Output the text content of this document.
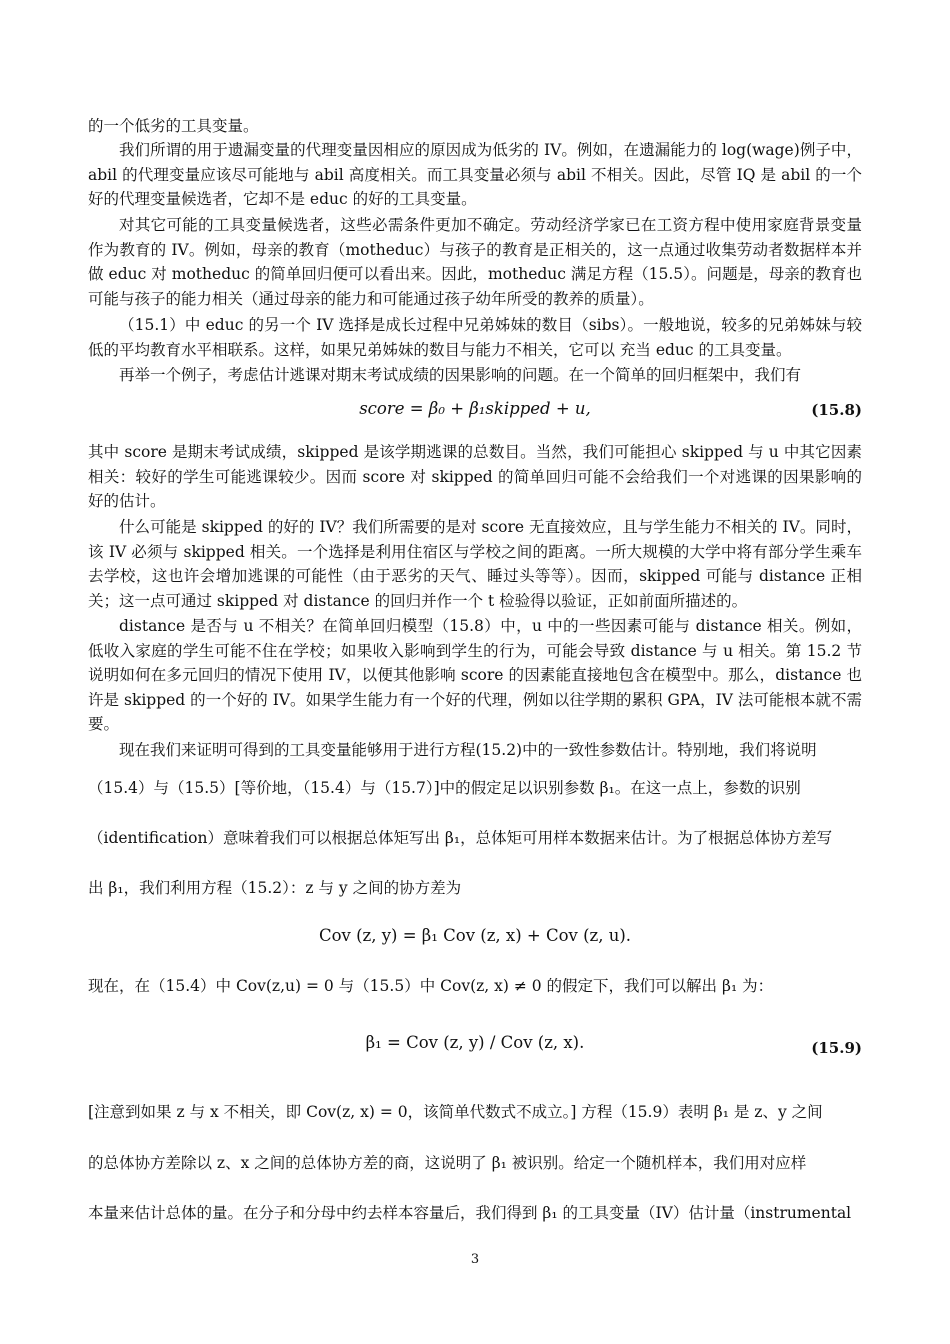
的一个低劣的工具变量。

我们所谓的用于遗漏变量的代理变量因相应的原因成为低劣的 IV。例如，在遗漏能力的 log(wage)例子中，abil 的代理变量应该尽可能地与 abil 高度相关。而工具变量必须与 abil 不相关。因此，尽管 IQ 是 abil 的一个好的代理变量候选者，它却不是 educ 的好的工具变量。

对其它可能的工具变量候选者，这些必需条件更加不确定。劳动经济学家已在工资方程中使用家庭背景变量作为教育的 IV。例如，母亲的教育（motheduc）与孩子的教育是正相关的，这一点通过收集劳动者数据样本并做 educ 对 motheduc 的简单回归便可以看出来。因此，motheduc 满足方程（15.5）。问题是，母亲的教育也可能与孩子的能力相关（通过母亲的能力和可能通过孩子幼年所受的教养的质量）。

（15.1）中 educ 的另一个 IV 选择是成长过程中兄弟姊妹的数目（sibs）。一般地说，较多的兄弟姊妹与较低的平均教育水平相联系。这样，如果兄弟姊妹的数目与能力不相关，它可以 充当 educ 的工具变量。

再举一个例子，考虑估计逃课对期末考试成绩的因果影响的问题。在一个简单的回归框架中，我们有

score = β₀ + β₁skipped + u,	(15.8)

其中 score 是期末考试成绩，skipped 是该学期逃课的总数目。当然，我们可能担心 skipped 与 u 中其它因素相关：较好的学生可能逃课较少。因而 score 对 skipped 的简单回归可能不会给我们一个对逃课的因果影响的好的估计。

什么可能是 skipped 的好的 IV？我们所需要的是对 score 无直接效应，且与学生能力不相关的 IV。同时，该 IV 必须与 skipped 相关。一个选择是利用住宿区与学校之间的距离。一所大规模的大学中将有部分学生乘车去学校，这也许会增加逃课的可能性（由于恶劣的天气、睡过头等等）。因而，skipped 可能与 distance 正相关；这一点可通过 skipped 对 distance 的回归并作一个 t 检验得以验证，正如前面所描述的。

distance 是否与 u 不相关？在简单回归模型（15.8）中，u 中的一些因素可能与 distance 相关。例如，低收入家庭的学生可能不住在学校；如果收入影响到学生的行为，可能会导致 distance 与 u 相关。第 15.2 节说明如何在多元回归的情况下使用 IV，以便其他影响 score 的因素能直接地包含在模型中。那么，distance 也许是 skipped 的一个好的 IV。如果学生能力有一个好的代理，例如以往学期的累积 GPA，IV 法可能根本就不需要。

现在我们来证明可得到的工具变量能够用于进行方程(15.2)中的一致性参数估计。特别地，我们将说明

（15.4）与（15.5）[等价地，（15.4）与（15.7）]中的假定足以识别参数 β₁。在这一点上，参数的识别

（identification）意味着我们可以根据总体矩写出 β₁，总体矩可用样本数据来估计。为了根据总体协方差写

出 β₁，我们利用方程（15.2）：z 与 y 之间的协方差为

Cov (z, y) = β₁ Cov (z, x) + Cov (z, u).

现在，在（15.4）中 Cov(z,u) = 0 与（15.5）中 Cov(z, x) ≠ 0 的假定下，我们可以解出 β₁ 为：

β₁ = Cov (z, y) / Cov (z, x).	(15.9)

[注意到如果 z 与 x 不相关，即 Cov(z, x) = 0，该简单代数式不成立。] 方程（15.9）表明 β₁ 是 z、y 之间

的总体协方差除以 z、x 之间的总体协方差的商，这说明了 β₁ 被识别。给定一个随机样本，我们用对应样

本量来估计总体的量。在分子和分母中约去样本容量后，我们得到 β₁ 的工具变量（IV）估计量（instrumental

3
